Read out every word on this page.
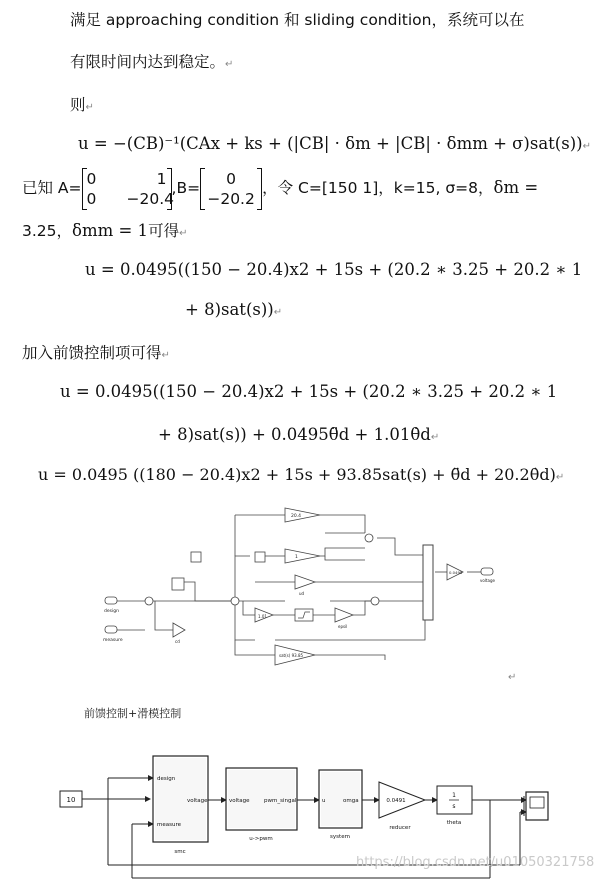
满足 approaching condition 和 sliding condition，系统可以在
有限时间内达到稳定。↵
则↵
u = −(CB)⁻¹(CAx + ks + (|CB| · δm + |CB| · δmm + σ)sat(s))↵
已知 A=
0	1
0 −20.4
,B=
0
−20.2
，令 C=[150 1]，k=15, σ=8，δm =
3.25，δmm = 1可得↵
u = 0.0495((150 − 20.4)x2 + 15s + (20.2 ∗ 3.25 + 20.2 ∗ 1
+ 8)sat(s))↵
加入前馈控制项可得↵
u = 0.0495((150 − 20.4)x2 + 15s + (20.2 ∗ 3.25 + 20.2 ∗ 1
+ 8)sat(s)) + 0.0495θ̈d + 1.01θ̇d↵
u = 0.0495 ((180 − 20.4)x2 + 15s + 93.85sat(s) + θ̈d + 20.2θ̇d)↵
design
measure
20.4
1
ud
cd
1.01
epsil
sat(s) 93.85
0.0495
voltage
↵
前馈控制+滑模控制
10
design
measure
voltage
smc
voltage	pwm_singal
u->pwm
u	omga
system
0.0491
reducer
1
s
theta
https://blog.csdn.net/u010503217​58
